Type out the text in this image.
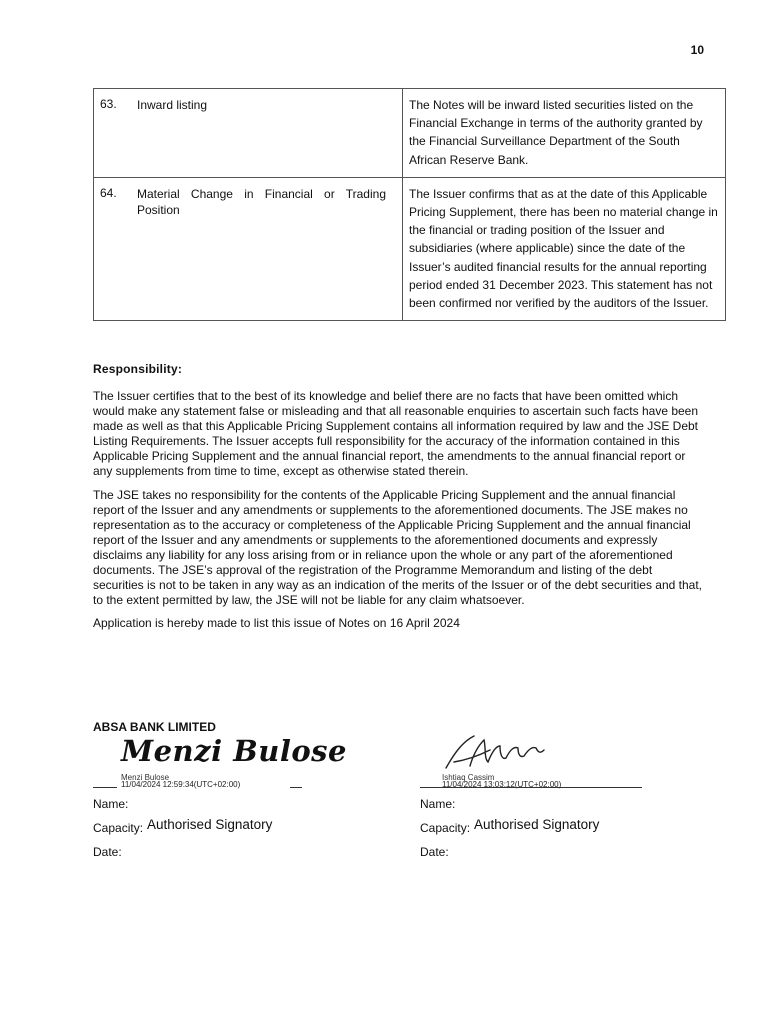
10
63. Inward listing	The Notes will be inward listed securities listed on the Financial Exchange in terms of the authority granted by the Financial Surveillance Department of the South African Reserve Bank.
64. Material Change in Financial or Trading Position	The Issuer confirms that as at the date of this Applicable Pricing Supplement, there has been no material change in the financial or trading position of the Issuer and subsidiaries (where applicable) since the date of the Issuer’s audited financial results for the annual reporting period ended 31 December 2023. This statement has not been confirmed nor verified by the auditors of the Issuer.
Responsibility:

The Issuer certifies that to the best of its knowledge and belief there are no facts that have been omitted which would make any statement false or misleading and that all reasonable enquiries to ascertain such facts have been made as well as that this Applicable Pricing Supplement contains all information required by law and the JSE Debt Listing Requirements. The Issuer accepts full responsibility for the accuracy of the information contained in this Applicable Pricing Supplement and the annual financial report, the amendments to the annual financial report or any supplements from time to time, except as otherwise stated therein.

The JSE takes no responsibility for the contents of the Applicable Pricing Supplement and the annual financial report of the Issuer and any amendments or supplements to the aforementioned documents. The JSE makes no representation as to the accuracy or completeness of the Applicable Pricing Supplement and the annual financial report of the Issuer and any amendments or supplements to the aforementioned documents and expressly disclaims any liability for any loss arising from or in reliance upon the whole or any part of the aforementioned documents. The JSE’s approval of the registration of the Programme Memorandum and listing of the debt securities is not to be taken in any way as an indication of the merits of the Issuer or of the debt securities and that, to the extent permitted by law, the JSE will not be liable for any claim whatsoever.

Application is hereby made to list this issue of Notes on 16 April 2024

ABSA BANK LIMITED
Menzi Bulose
Menzi Bulose
11/04/2024 12:59:34(UTC+02:00)
Name:
Capacity: Authorised Signatory
Date:
Ishtiaq Cassim
11/04/2024 13:03:12(UTC+02:00)
Name:
Capacity: Authorised Signatory
Date:
